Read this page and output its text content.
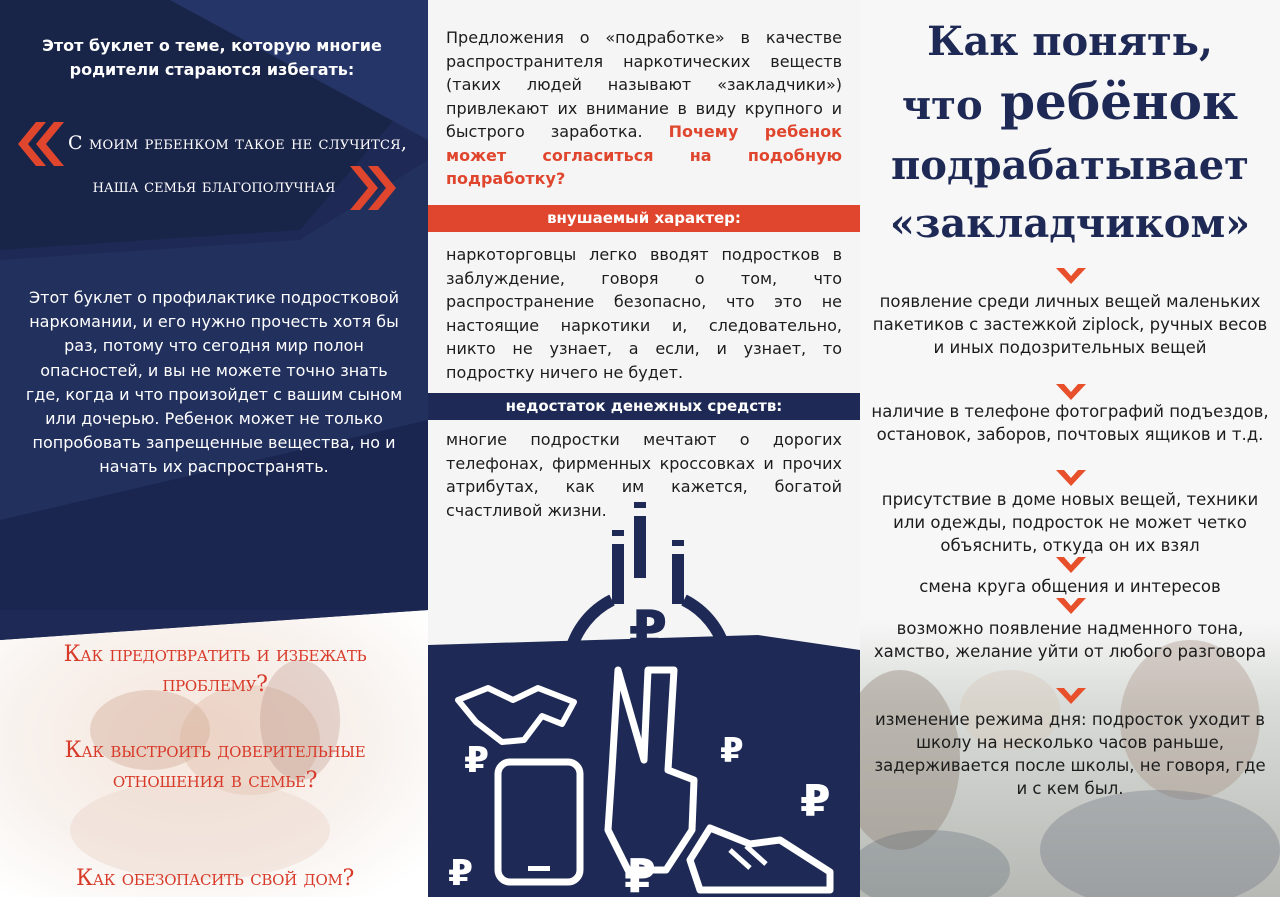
Этот буклет о теме, которую многие родители стараются избегать:
С моим ребенком такое не случится,
наша семья благополучная
Этот буклет о профилактике подростковой наркомании, и его нужно прочесть хотя бы раз, потому что сегодня мир полон опасностей, и вы не можете точно знать где, когда и что произойдет с вашим сыном или дочерью. Ребенок может не только попробовать запрещенные вещества, но и начать их распространять.
Как предотвратить и избежать проблему?
Как выстроить доверительные отношения в семье?
Как обезопасить свой дом?
Предложения о «подработке» в качестве распространителя наркотических веществ (таких людей называют «закладчики») привлекают их внимание в виду крупного и быстрого заработка. Почему ребенок может согласиться на подобную подработку?
внушаемый характер:
наркоторговцы легко вводят подростков в заблуждение, говоря о том, что распространение безопасно, что это не настоящие наркотики и, следовательно, никто не узнает, а если, и узнает, то подростку ничего не будет.
недостаток денежных средств:
многие подростки мечтают о дорогих телефонах, фирменных кроссовках и прочих атрибутах, как им кажется, богатой счастливой жизни.
₽
₽
₽
₽
₽
₽
Как понять,
что ребёнок
подрабатывает
«закладчиком»
появление среди личных вещей маленьких пакетиков с застежкой ziplock, ручных весов и иных подозрительных вещей
наличие в телефоне фотографий подъездов, остановок, заборов, почтовых ящиков и т.д.
присутствие в доме новых вещей, техники или одежды, подросток не может четко объяснить, откуда он их взял
смена круга общения и интересов
возможно появление надменного тона, хамство, желание уйти от любого разговора
изменение режима дня: подросток уходит в школу на несколько часов раньше, задерживается после школы, не говоря, где и с кем был.
